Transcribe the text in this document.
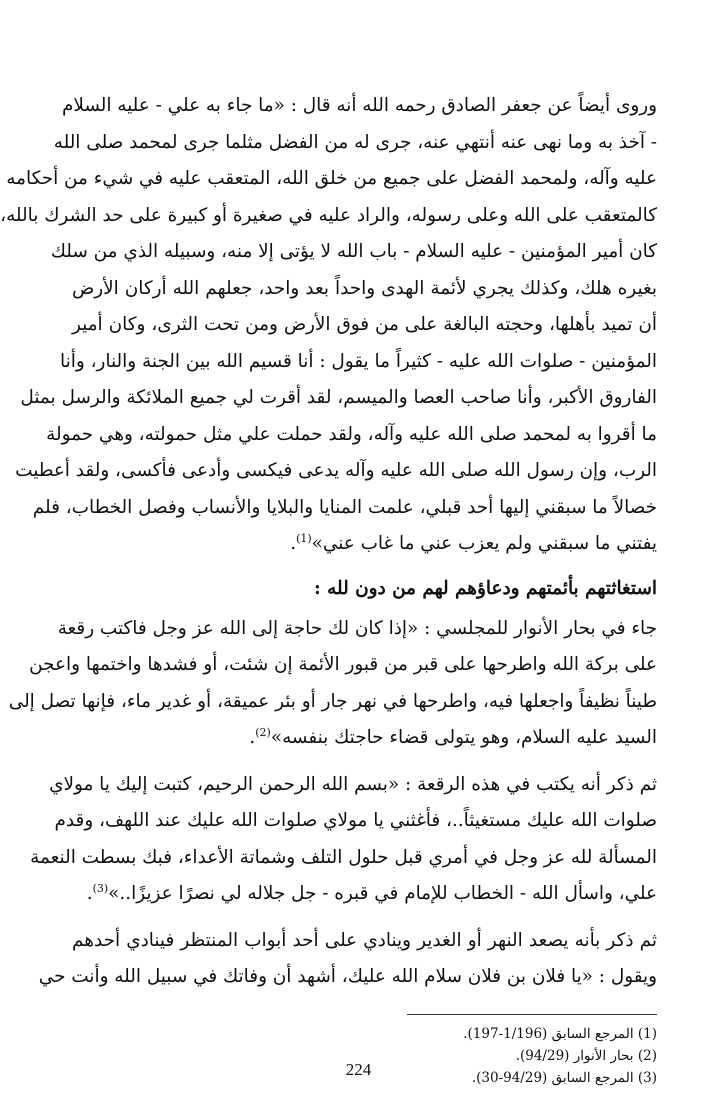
وروى أيضاً عن جعفر الصادق رحمه الله أنه قال : «ما جاء به علي - عليه السلام
- آخذ به وما نهى عنه أنتهي عنه، جرى له من الفضل مثلما جرى لمحمد صلى الله
عليه وآله، ولمحمد الفضل على جميع من خلق الله، المتعقب عليه في شيء من أحكامه
كالمتعقب على الله وعلى رسوله، والراد عليه في صغيرة أو كبيرة على حد الشرك بالله،
كان أمير المؤمنين - عليه السلام - باب الله لا يؤتى إلا منه، وسبيله الذي من سلك
بغيره هلك، وكذلك يجري لأئمة الهدى واحداً بعد واحد، جعلهم الله أركان الأرض
أن تميد بأهلها، وحجته البالغة على من فوق الأرض ومن تحت الثرى، وكان أمير
المؤمنين - صلوات الله عليه - كثيراً ما يقول : أنا قسيم الله بين الجنة والنار، وأنا
الفاروق الأكبر، وأنا صاحب العصا والميسم، لقد أقرت لي جميع الملائكة والرسل بمثل
ما أقروا به لمحمد صلى الله عليه وآله، ولقد حملت علي مثل حمولته، وهي حمولة
الرب، وإن رسول الله صلى الله عليه وآله يدعى فيكسى وأدعى فأكسى، ولقد أعطيت
خصالاً ما سبقني إليها أحد قبلي، علمت المنايا والبلايا والأنساب وفصل الخطاب، فلم
يفتني ما سبقني ولم يعزب عني ما غاب عني»$^{(1)}$.

استغاثتهم بأئمتهم ودعاؤهم لهم من دون لله :

جاء في بحار الأنوار للمجلسي : «إذا كان لك حاجة إلى الله عز وجل فاكتب رقعة
على بركة الله واطرحها على قبر من قبور الأئمة إن شئت، أو فشدها واختمها واعجن
طيناً نظيفاً واجعلها فيه، واطرحها في نهر جار أو بئر عميقة، أو غدير ماء، فإنها تصل إلى
السيد عليه السلام، وهو يتولى قضاء حاجتك بنفسه»$^{(2)}$.

ثم ذكر أنه يكتب في هذه الرقعة : «بسم الله الرحمن الرحيم، كتبت إليك يا مولاي
صلوات الله عليك مستغيثاً..، فأغثني يا مولاي صلوات الله عليك عند اللهف، وقدم
المسألة لله عز وجل في أمري قبل حلول التلف وشماتة الأعداء، فبك بسطت النعمة
علي، واسأل الله - الخطاب للإمام في قبره - جل جلاله لي نصرًا عزيزًا..»$^{(3)}$.

ثم ذكر بأنه يصعد النهر أو الغدير وينادي على أحد أبواب المنتظر فينادي أحدهم
ويقول : «يا فلان بن فلان سلام الله عليك، أشهد أن وفاتك في سبيل الله وأنت حي

(1) المرجع السابق (1/196-197).
(2) بحار الأنوار (94/29).
(3) المرجع السابق (94/29-30).
224
